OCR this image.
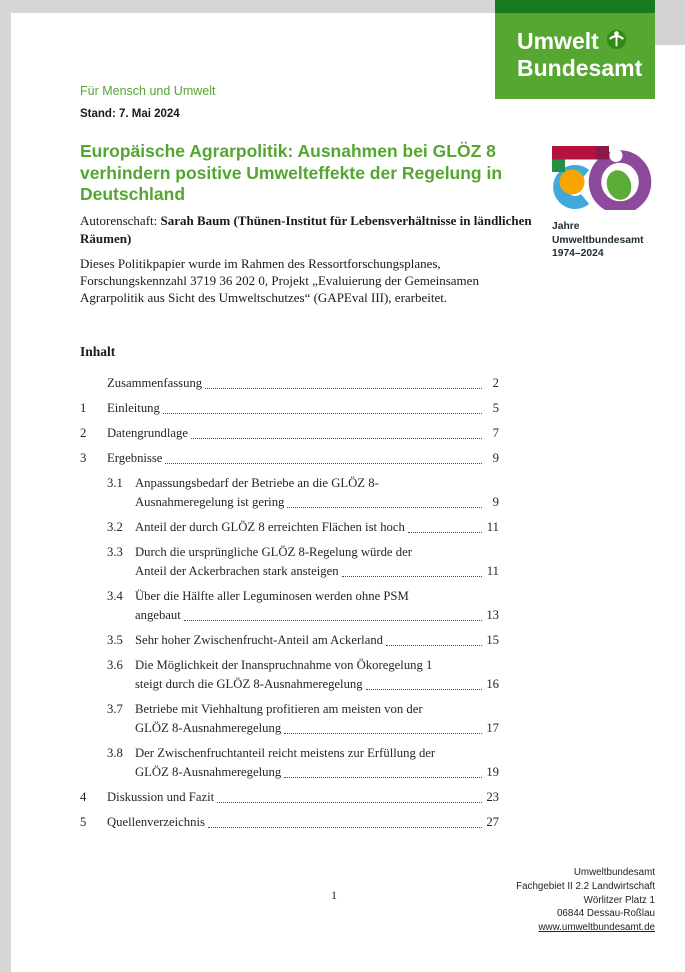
Umwelt
Bundesamt
Für Mensch und Umwelt
Stand: 7. Mai 2024
Europäische Agrarpolitik: Ausnahmen bei GLÖZ 8 verhindern positive Umwelteffekte der Regelung in Deutschland
Autorenschaft: Sarah Baum (Thünen-Institut für Lebensverhältnisse in ländlichen Räumen)
Dieses Politikpapier wurde im Rahmen des Ressortforschungsplanes, Forschungskennzahl 3719 36 202 0, Projekt „Evaluierung der Gemeinsamen Agrarpolitik aus Sicht des Umweltschutzes“ (GAPEval III), erarbeitet.
Jahre
Umweltbundesamt
1974–2024
Inhalt
Zusammenfassung	2
1	Einleitung	5
2	Datengrundlage	7
3	Ergebnisse	9
3.1 Anpassungsbedarf der Betriebe an die GLÖZ 8-
Ausnahmeregelung ist gering	9
3.2 Anteil der durch GLÖZ 8 erreichten Flächen ist hoch	11
3.3 Durch die ursprüngliche GLÖZ 8-Regelung würde der
Anteil der Ackerbrachen stark ansteigen	11
3.4 Über die Hälfte aller Leguminosen werden ohne PSM
angebaut	13
3.5 Sehr hoher Zwischenfrucht-Anteil am Ackerland	15
3.6 Die Möglichkeit der Inanspruchnahme von Ökoregelung 1
steigt durch die GLÖZ 8-Ausnahmeregelung	16
3.7 Betriebe mit Viehhaltung profitieren am meisten von der
GLÖZ 8-Ausnahmeregelung	17
3.8 Der Zwischenfruchtanteil reicht meistens zur Erfüllung der
GLÖZ 8-Ausnahmeregelung	19
4	Diskussion und Fazit	23
5	Quellenverzeichnis	27
1
Umweltbundesamt
Fachgebiet II 2.2 Landwirtschaft
Wörlitzer Platz 1
06844 Dessau-Roßlau
www.umweltbundesamt.de
